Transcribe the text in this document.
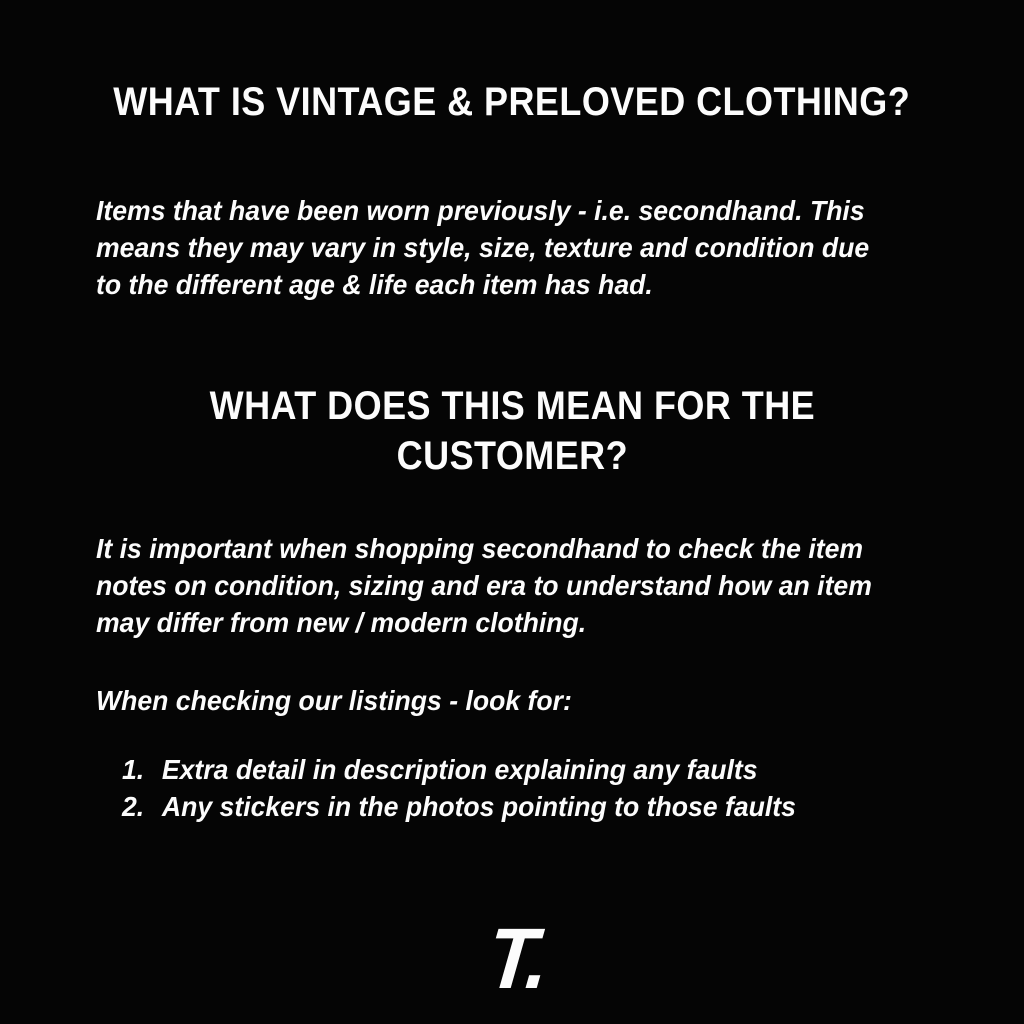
WHAT IS VINTAGE & PRELOVED CLOTHING?
Items that have been worn previously - i.e. secondhand. This
means they may vary in style, size, texture and condition due
to the different age & life each item has had.
WHAT DOES THIS MEAN FOR THE
CUSTOMER?
It is important when shopping secondhand to check the item
notes on condition, sizing and era to understand how an item
may differ from new / modern clothing.
When checking our listings - look for:
1. Extra detail in description explaining any faults
2. Any stickers in the photos pointing to those faults
T.
